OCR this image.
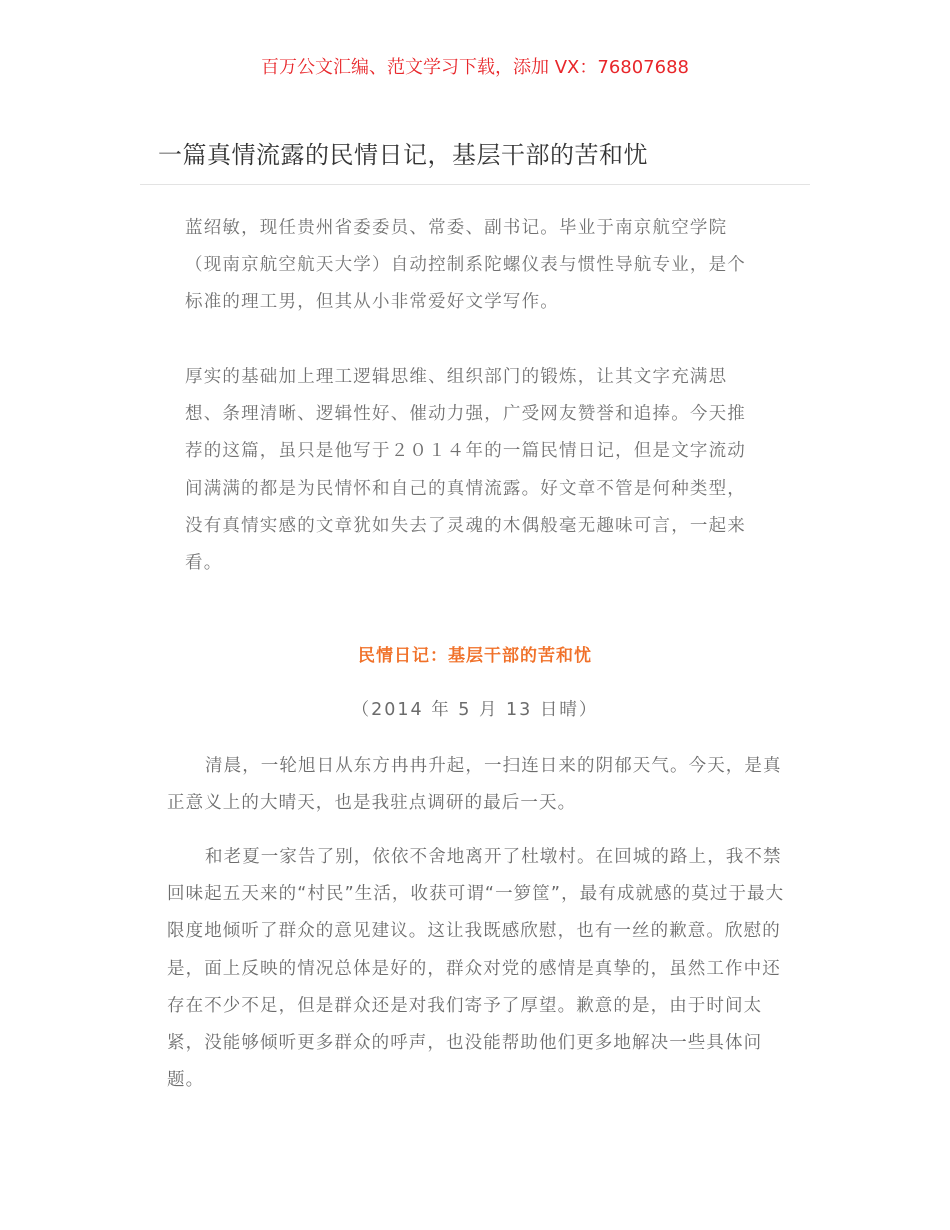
百万公文汇编、范文学习下载，添加 VX：76807688
一篇真情流露的民情日记，基层干部的苦和忧

蓝绍敏，现任贵州省委委员、常委、副书记。毕业于南京航空学院（现南京航空航天大学）自动控制系陀螺仪表与惯性导航专业，是个标准的理工男，但其从小非常爱好文学写作。

厚实的基础加上理工逻辑思维、组织部门的锻炼，让其文字充满思想、条理清晰、逻辑性好、催动力强，广受网友赞誉和追捧。今天推荐的这篇，虽只是他写于２０１４年的一篇民情日记，但是文字流动间满满的都是为民情怀和自己的真情流露。好文章不管是何种类型，没有真情实感的文章犹如失去了灵魂的木偶般毫无趣味可言，一起来看。

民情日记：基层干部的苦和忧
（2014 年 5 月 13 日晴）

清晨，一轮旭日从东方冉冉升起，一扫连日来的阴郁天气。今天，是真正意义上的大晴天，也是我驻点调研的最后一天。

和老夏一家告了别，依依不舍地离开了杜墩村。在回城的路上，我不禁回味起五天来的“村民”生活，收获可谓“一箩筐”，最有成就感的莫过于最大限度地倾听了群众的意见建议。这让我既感欣慰，也有一丝的歉意。欣慰的是，面上反映的情况总体是好的，群众对党的感情是真挚的，虽然工作中还存在不少不足，但是群众还是对我们寄予了厚望。歉意的是，由于时间太紧，没能够倾听更多群众的呼声，也没能帮助他们更多地解决一些具体问题。
